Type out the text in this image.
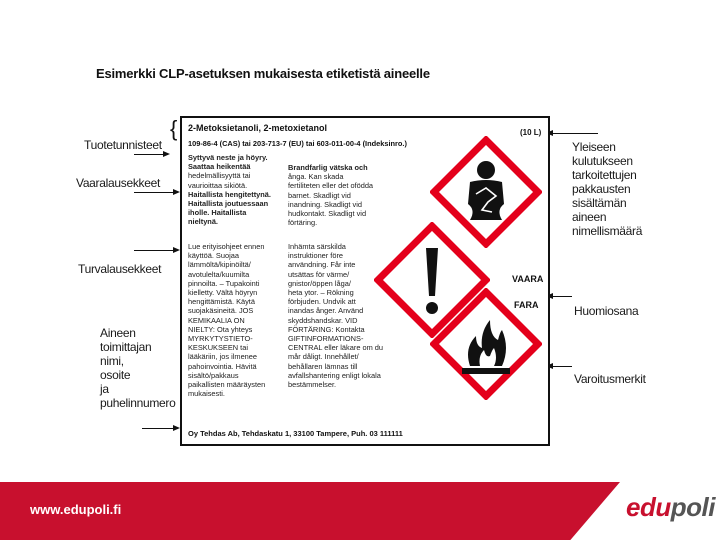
Esimerkki CLP-asetuksen mukaisesta etiketistä aineelle
Tuotetunnisteet
Vaaralausekkeet
Turvalausekkeet
Aineen
toimittajan
nimi,
osoite
ja
puhelinnumero
Yleiseen
kulutukseen
tarkoitettujen
pakkausten
sisältämän
aineen
nimellismäärä
Huomiosana
Varoitusmerkit
{ 2-Metoksietanoli, 2-metoxietanol	(10 L)
109-86-4 (CAS) tai 203-713-7 (EU) tai 603-011-00-4 (Indeksinro.)
Syttyvä neste ja höyry.
Saattaa heikentää
hedelmällisyyttä tai
vaurioittaa sikiötä.
Haitallista hengitettynä.
Haitallista joutuessaan
iholle. Haitallista
nieltynä.
Brandfarlig vätska och
ånga. Kan skada
fertiliteten eller det ofödda
barnet. Skadligt vid
inandning. Skadligt vid
hudkontakt. Skadligt vid
förtäring.
Lue erityisohjeet ennen
käyttöä. Suojaa
lämmöltä/kipinöiltä/
avotulelta/kuumilta
pinnoilta. – Tupakointi
kielletty. Vältä höyryn
hengittämistä. Käytä
suojakäsineitä. JOS
KEMIKAALIA ON
NIELTY: Ota yhteys
MYRKYTYSTIETO-
KESKUKSEEN tai
lääkäriin, jos ilmenee
pahoinvointia. Hävitä
sisältö/pakkaus
paikallisten määräysten
mukaisesti.
Inhämta särskilda
instruktioner före
användning. Får inte
utsättas för värme/
gnistor/öppen låga/
heta ytor. – Rökning
förbjuden. Undvik att
inandas ånger. Använd
skyddshandskar. VID
FÖRTÄRING: Kontakta
GIFTINFORMATIONS-
CENTRAL eller läkare om du
mår dåligt. Innehållet/
behållaren lämnas till
avfallshantering enligt lokala
bestämmelser.
VAARA
FARA
Oy Tehdas Ab, Tehdaskatu 1, 33100 Tampere, Puh. 03 111111
www.edupoli.fi	edupoli
